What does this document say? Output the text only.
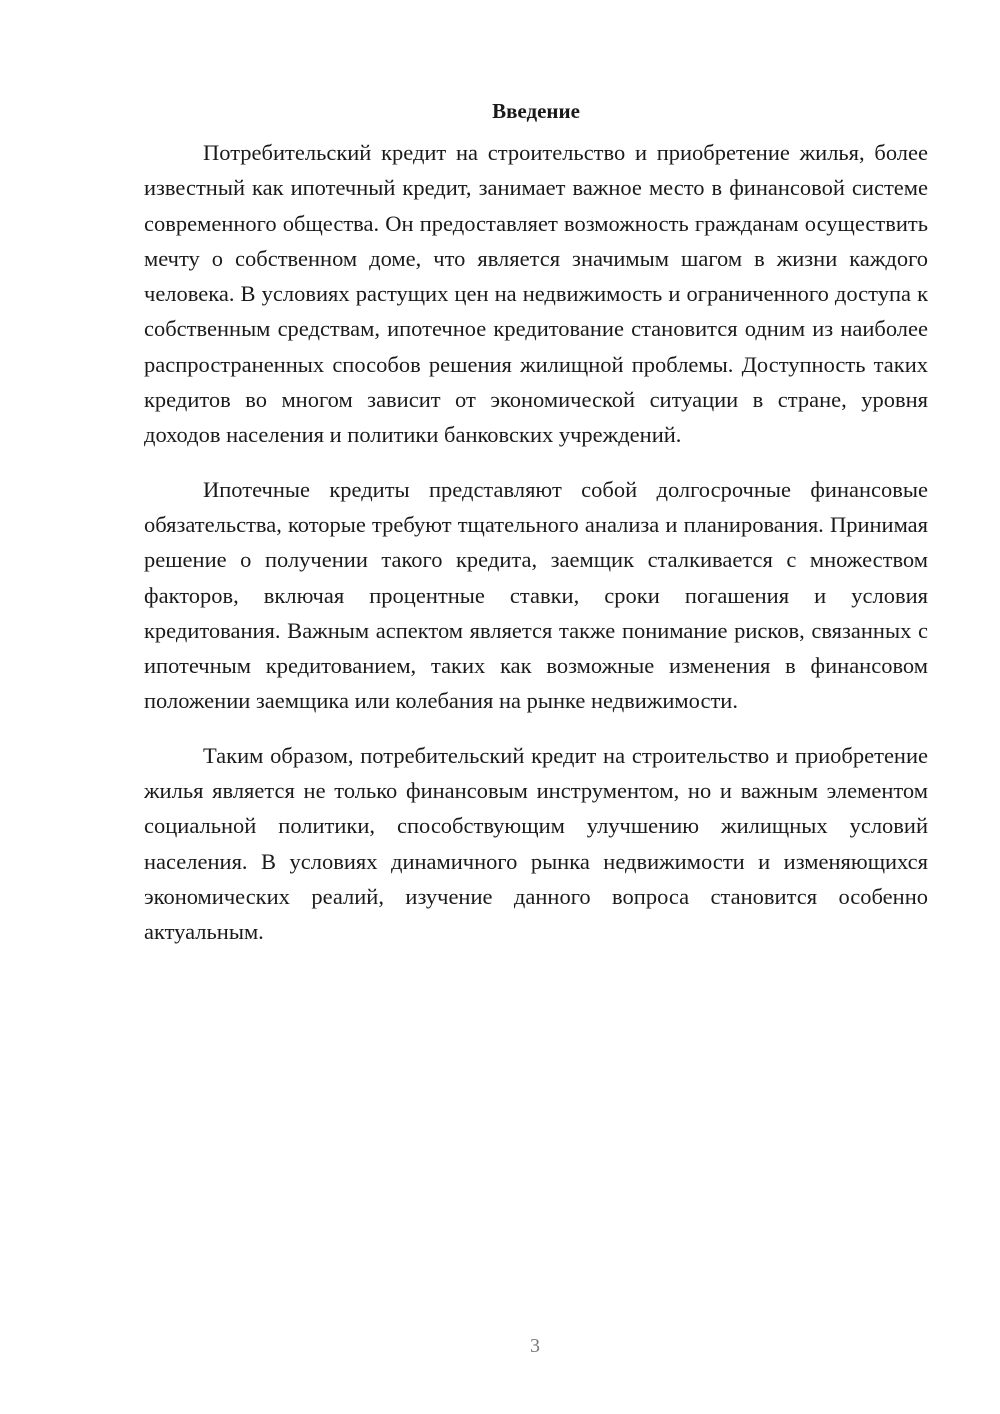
Введение

Потребительский кредит на строительство и приобретение жилья, более известный как ипотечный кредит, занимает важное место в финансовой системе современного общества. Он предоставляет возможность гражданам осуществить мечту о собственном доме, что является значимым шагом в жизни каждого человека. В условиях растущих цен на недвижимость и ограниченного доступа к собственным средствам, ипотечное кредитование становится одним из наиболее распространенных способов решения жилищной проблемы. Доступность таких кредитов во многом зависит от экономической ситуации в стране, уровня доходов населения и политики банковских учреждений.

Ипотечные кредиты представляют собой долгосрочные финансовые обязательства, которые требуют тщательного анализа и планирования. Принимая решение о получении такого кредита, заемщик сталкивается с множеством факторов, включая процентные ставки, сроки погашения и условия кредитования. Важным аспектом является также понимание рисков, связанных с ипотечным кредитованием, таких как возможные изменения в финансовом положении заемщика или колебания на рынке недвижимости.

Таким образом, потребительский кредит на строительство и приобретение жилья является не только финансовым инструментом, но и важным элементом социальной политики, способствующим улучшению жилищных условий населения. В условиях динамичного рынка недвижимости и изменяющихся экономических реалий, изучение данного вопроса становится особенно актуальным.

3
